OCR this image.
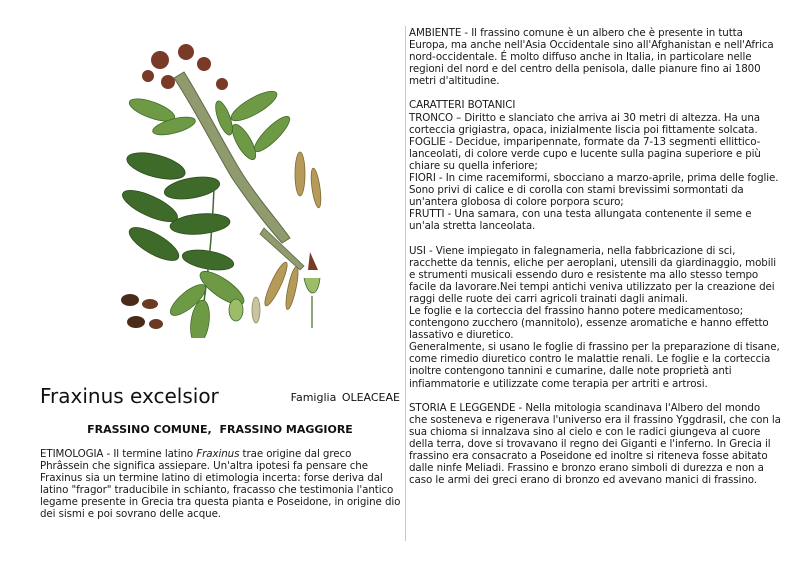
Fraxinus excelsior	Famiglia OLEACEAE
FRASSINO COMUNE, FRASSINO MAGGIORE
ETIMOLOGIA - Il termine latino Fraxinus trae origine dal greco Phrâssein che significa assiepare. Un'altra ipotesi fa pensare che Fraxinus sia un termine latino di etimologia incerta: forse deriva dal latino "fragor" traducibile in schianto, fracasso che testimonia l'antico legame presente in Grecia tra questa pianta e Poseidone, in origine dio dei sismi e poi sovrano delle acque.

AMBIENTE - Il frassino comune è un albero che è presente in tutta Europa, ma anche nell'Asia Occidentale sino all'Afghanistan e nell'Africa nord-occidentale. É molto diffuso anche in Italia, in particolare nelle regioni del nord e del centro della penisola, dalle pianure fino ai 1800 metri d'altitudine.

CARATTERI BOTANICI

TRONCO – Diritto e slanciato che arriva ai 30 metri di altezza. Ha una corteccia grigiastra, opaca, inizialmente liscia poi fittamente solcata.

FOGLIE - Decidue, imparipennate, formate da 7-13 segmenti ellittico-lanceolati, di colore verde cupo e lucente sulla pagina superiore e più chiare su quella inferiore;

FIORI - In cime racemiformi, sbocciano a marzo-aprile, prima delle foglie. Sono privi di calice e di corolla con stami brevissimi sormontati da un'antera globosa di colore porpora scuro;

FRUTTI - Una samara, con una testa allungata contenente il seme e un'ala stretta lanceolata.

USI - Viene impiegato in falegnameria, nella fabbricazione di sci, racchette da tennis, eliche per aeroplani, utensili da giardinaggio, mobili e strumenti musicali essendo duro e resistente ma allo stesso tempo facile da lavorare.Nei tempi antichi veniva utilizzato per la creazione dei raggi delle ruote dei carri agricoli trainati dagli animali.

Le foglie e la corteccia del frassino hanno potere medicamentoso; contengono zucchero (mannitolo), essenze aromatiche e hanno effetto lassativo e diuretico.

Generalmente, si usano le foglie di frassino per la preparazione di tisane, come rimedio diuretico contro le malattie renali. Le foglie e la corteccia inoltre contengono tannini e cumarine, dalle note proprietà anti infiammatorie e utilizzate come terapia per artriti e artrosi.

STORIA E LEGGENDE - Nella mitologia scandinava l'Albero del mondo che sosteneva e rigenerava l'universo era il frassino Yggdrasil, che con la sua chioma si innalzava sino al cielo e con le radici giungeva al cuore della terra, dove si trovavano il regno dei Giganti e l'inferno. In Grecia il frassino era consacrato a Poseidone ed inoltre si riteneva fosse abitato dalle ninfe Meliadi. Frassino e bronzo erano simboli di durezza e non a caso le armi dei greci erano di bronzo ed avevano manici di frassino.
